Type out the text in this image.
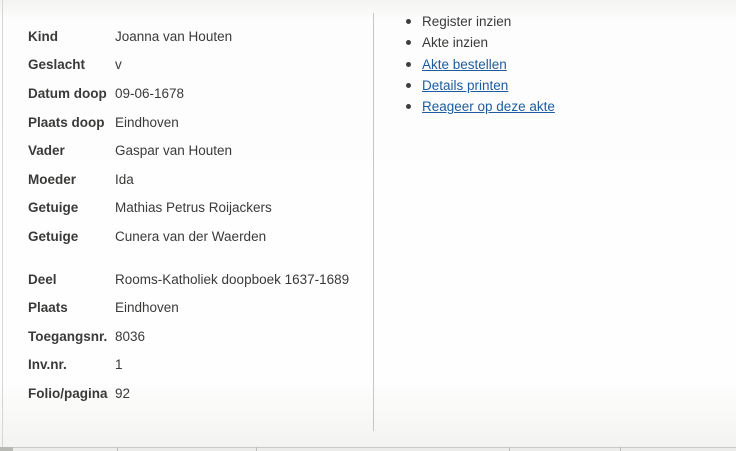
Kind	Joanna van Houten
Geslacht	v
Datum doop 09-06-1678
Plaats doop Eindhoven
Vader	Gaspar van Houten
Moeder	Ida
Getuige	Mathias Petrus Roijackers
Getuige	Cunera van der Waerden
Deel	Rooms-Katholiek doopboek 1637-1689
Plaats	Eindhoven
Toegangsnr. 8036
Inv.nr.	1
Folio/pagina 92
Register inzien
Akte inzien
Akte bestellen
Details printen
Reageer op deze akte
